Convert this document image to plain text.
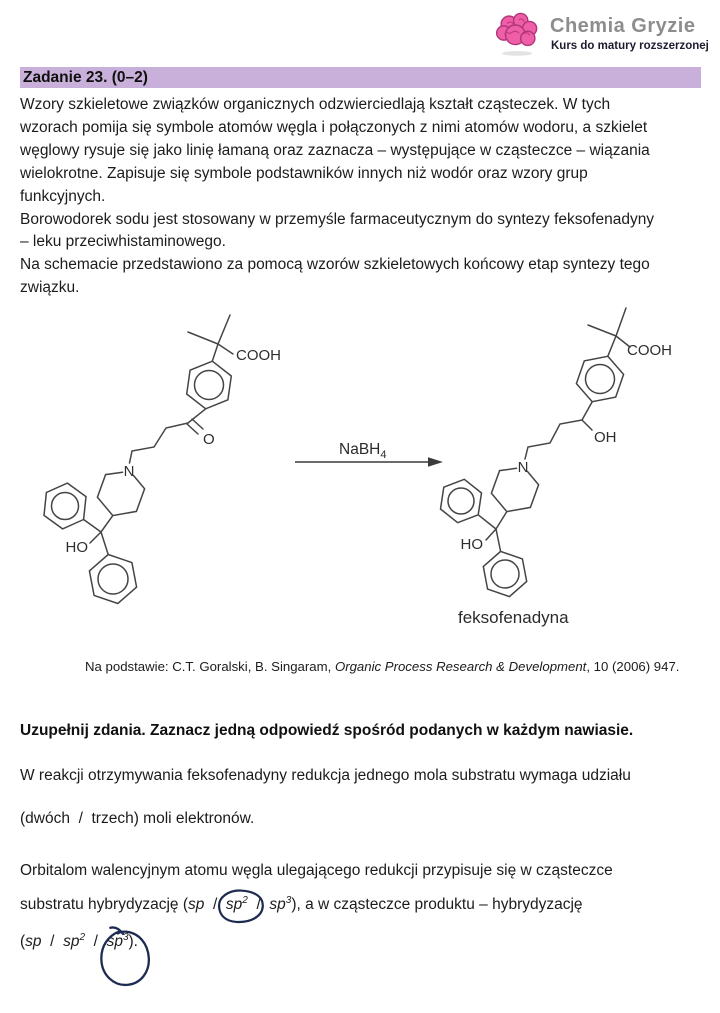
Chemia Gryzie
Kurs do matury rozszerzonej
Zadanie 23. (0–2)
Wzory szkieletowe związków organicznych odzwierciedlają kształt cząsteczek. W tych
wzorach pomija się symbole atomów węgla i połączonych z nimi atomów wodoru, a szkielet
węglowy rysuje się jako linię łamaną oraz zaznacza – występujące w cząsteczce – wiązania
wielokrotne. Zapisuje się symbole podstawników innych niż wodór oraz wzory grup
funkcyjnych.
Borowodorek sodu jest stosowany w przemyśle farmaceutycznym do syntezy feksofenadyny
– leku przeciwhistaminowego.
Na schemacie przedstawiono za pomocą wzorów szkieletowych końcowy etap syntezy tego
związku.
COOH
O
N
HO
NaBH$_4$
COOH
OH
N
HO
feksofenadyna
Na podstawie: C.T. Goralski, B. Singaram, Organic Process Research & Development, 10 (2006) 947.
Uzupełnij zdania. Zaznacz jedną odpowiedź spośród podanych w każdym nawiasie.
W reakcji otrzymywania feksofenadyny redukcja jednego mola substratu wymaga udziału
(dwóch  /  trzech) moli elektronów.
Orbitalom walencyjnym atomu węgla ulegającego redukcji przypisuje się w cząsteczce
substratu hybrydyzację ($sp / sp^2$
/  $sp^3$), a w cząsteczce produktu – hybrydyzację
($sp / sp^2 / sp^3$
).
